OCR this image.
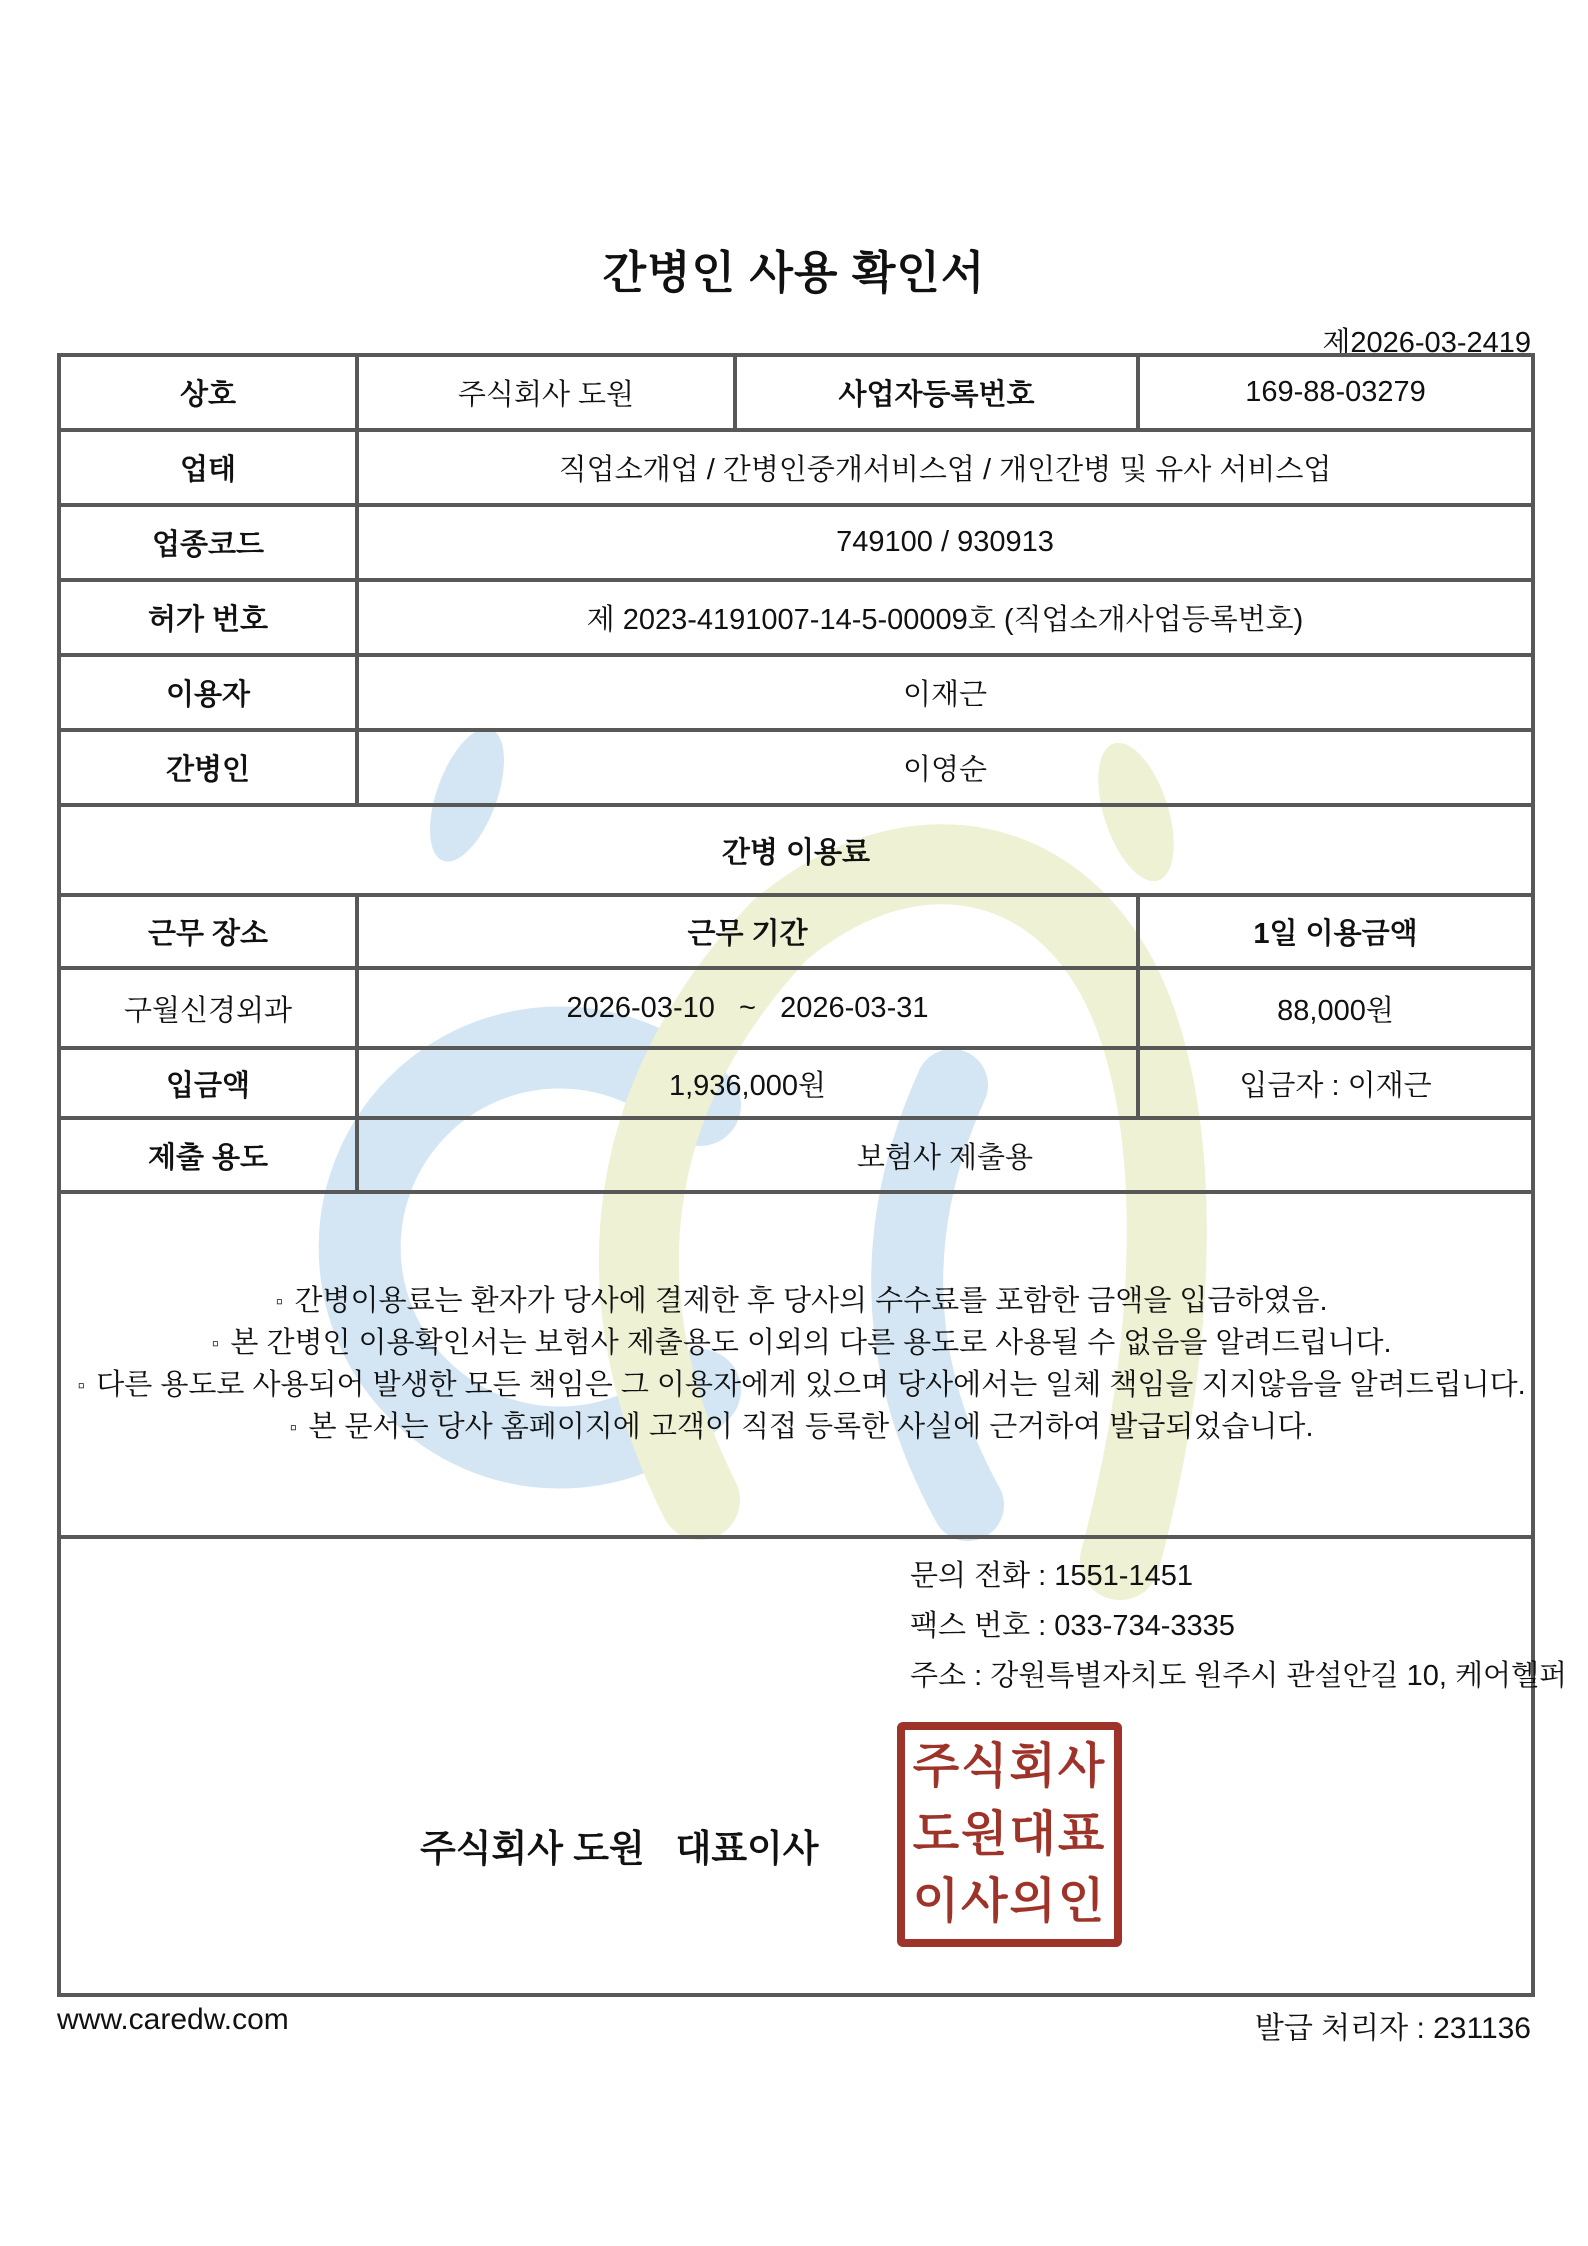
간병인 사용 확인서
제2026-03-2419
상호	주식회사 도원	사업자등록번호	169-88-03279
업태	직업소개업 / 간병인중개서비스업 / 개인간병 및 유사 서비스업		
업종코드	749100 / 930913		
허가 번호	제 2023-4191007-14-5-00009호 (직업소개사업등록번호)		
이용자	이재근		
간병인	이영순		
간병 이용료			
근무 장소	근무 기간		1일 이용금액
구월신경외과	2026-03-10   ~   2026-03-31		88,000원
입금액	1,936,000원		입금자 : 이재근
제출 용도	보험사 제출용		

▫ 간병이용료는 환자가 당사에 결제한 후 당사의 수수료를 포함한 금액을 입금하였음.
▫ 본 간병인 이용확인서는 보험사 제출용도 이외의 다른 용도로 사용될 수 없음을 알려드립니다.
▫ 다른 용도로 사용되어 발생한 모든 책임은 그 이용자에게 있으며 당사에서는 일체 책임을 지지않음을 알려드립니다.
▫ 본 문서는 당사 홈페이지에 고객이 직접 등록한 사실에 근거하여 발급되었습니다.			

문의 전화 : 1551-1451
팩스 번호 : 033-734-3335
주소 : 강원특별자치도 원주시 관설안길 10, 케어헬퍼
주식회사 도원   대표이사
주식회사
도원대표
이사의인
www.caredw.com	발급 처리자 : 231136
